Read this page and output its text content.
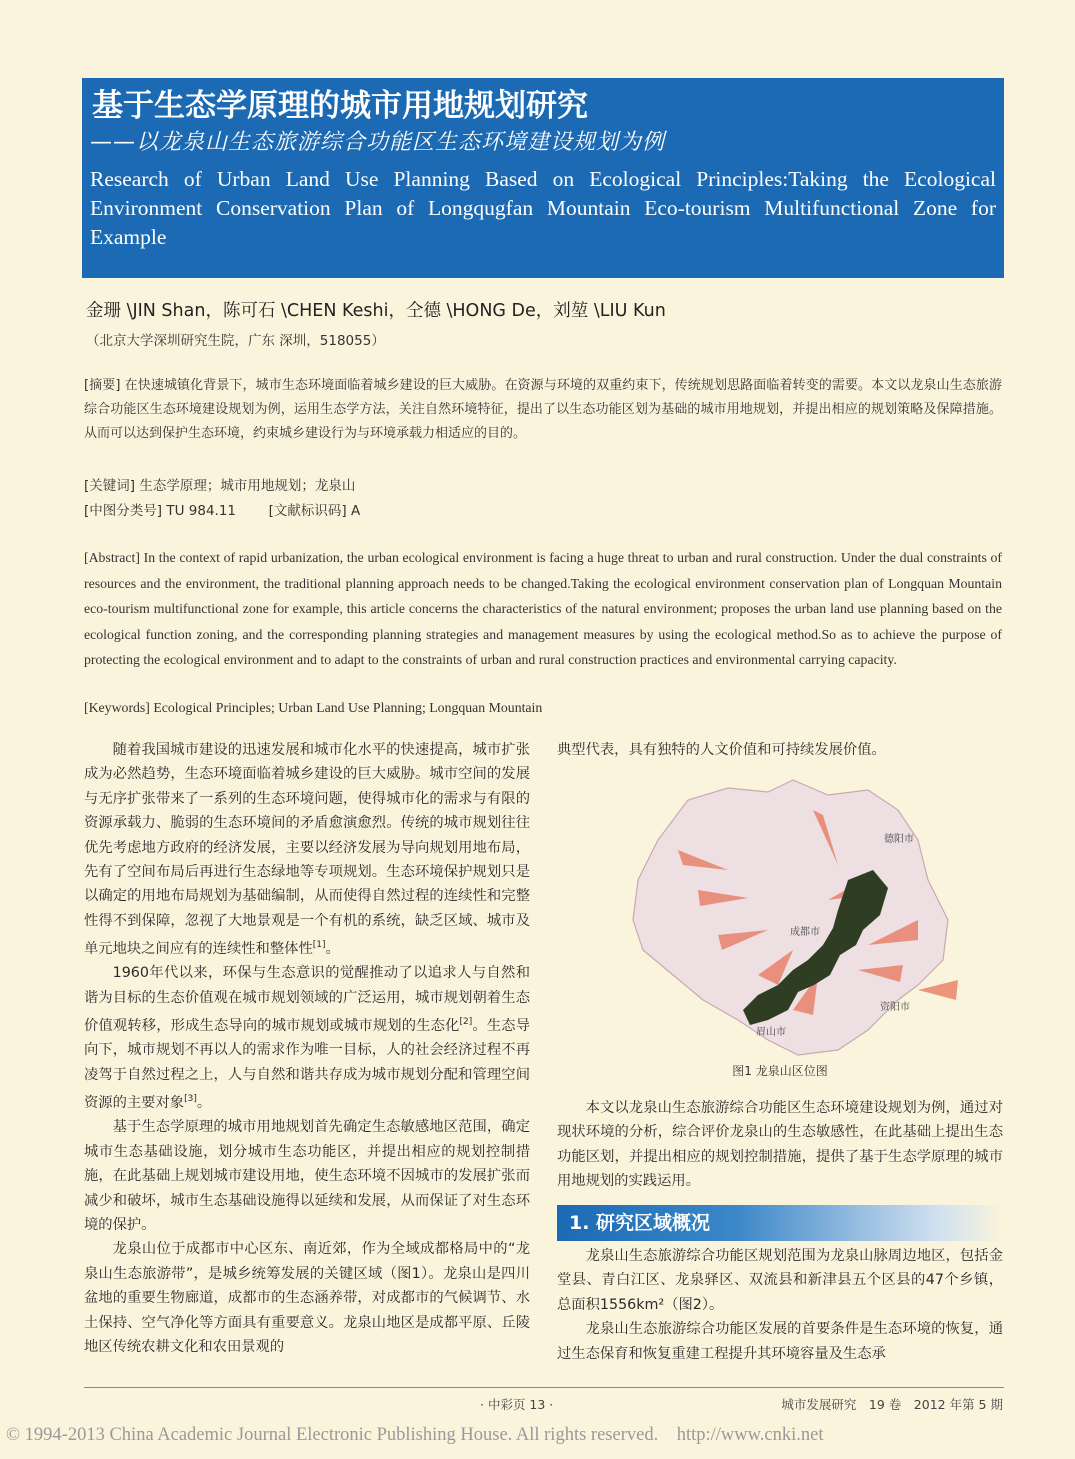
基于生态学原理的城市用地规划研究
——以龙泉山生态旅游综合功能区生态环境建设规划为例
Research of Urban Land Use Planning Based on Ecological Principles:Taking the Ecological Environment Conservation Plan of Longqugfan Mountain Eco-tourism Multifunctional Zone for Example
金珊 \JIN Shan，陈可石 \CHEN Keshi，仝德 \HONG De，刘堃 \LIU Kun
（北京大学深圳研究生院，广东 深圳，518055）
[摘要] 在快速城镇化背景下，城市生态环境面临着城乡建设的巨大威胁。在资源与环境的双重约束下，传统规划思路面临着转变的需要。本文以龙泉山生态旅游综合功能区生态环境建设规划为例，运用生态学方法，关注自然环境特征，提出了以生态功能区划为基础的城市用地规划，并提出相应的规划策略及保障措施。从而可以达到保护生态环境，约束城乡建设行为与环境承载力相适应的目的。
[关键词] 生态学原理；城市用地规划；龙泉山
[中图分类号] TU 984.11 [文献标识码] A
[Abstract] In the context of rapid urbanization, the urban ecological environment is facing a huge threat to urban and rural construction. Under the dual constraints of resources and the environment, the traditional planning approach needs to be changed.Taking the ecological environment conservation plan of Longquan Mountain eco-tourism multifunctional zone for example, this article concerns the characteristics of the natural environment; proposes the urban land use planning based on the ecological function zoning, and the corresponding planning strategies and management measures by using the ecological method.So as to achieve the purpose of protecting the ecological environment and to adapt to the constraints of urban and rural construction practices and environmental carrying capacity.
[Keywords] Ecological Principles; Urban Land Use Planning; Longquan Mountain

随着我国城市建设的迅速发展和城市化水平的快速提高，城市扩张成为必然趋势，生态环境面临着城乡建设的巨大威胁。城市空间的发展与无序扩张带来了一系列的生态环境问题，使得城市化的需求与有限的资源承载力、脆弱的生态环境间的矛盾愈演愈烈。传统的城市规划往往优先考虑地方政府的经济发展，主要以经济发展为导向规划用地布局，先有了空间布局后再进行生态绿地等专项规划。生态环境保护规划只是以确定的用地布局规划为基础编制，从而使得自然过程的连续性和完整性得不到保障，忽视了大地景观是一个有机的系统，缺乏区域、城市及单元地块之间应有的连续性和整体性[1]。

1960年代以来，环保与生态意识的觉醒推动了以追求人与自然和谐为目标的生态价值观在城市规划领域的广泛运用，城市规划朝着生态价值观转移，形成生态导向的城市规划或城市规划的生态化[2]。生态导向下，城市规划不再以人的需求作为唯一目标，人的社会经济过程不再凌驾于自然过程之上，人与自然和谐共存成为城市规划分配和管理空间资源的主要对象[3]。

基于生态学原理的城市用地规划首先确定生态敏感地区范围，确定城市生态基础设施，划分城市生态功能区，并提出相应的规划控制措施，在此基础上规划城市建设用地，使生态环境不因城市的发展扩张而减少和破坏，城市生态基础设施得以延续和发展，从而保证了对生态环境的保护。

龙泉山位于成都市中心区东、南近郊，作为全域成都格局中的“龙泉山生态旅游带”，是城乡统筹发展的关键区域（图1）。龙泉山是四川盆地的重要生物廊道，成都市的生态涵养带，对成都市的气候调节、水土保持、空气净化等方面具有重要意义。龙泉山地区是成都平原、丘陵地区传统农耕文化和农田景观的

典型代表，具有独特的人文价值和可持续发展价值。

德阳市
成都市
资阳市
眉山市
图1 龙泉山区位图

本文以龙泉山生态旅游综合功能区生态环境建设规划为例，通过对现状环境的分析，综合评价龙泉山的生态敏感性，在此基础上提出生态功能区划，并提出相应的规划控制措施，提供了基于生态学原理的城市用地规划的实践运用。

1. 研究区域概况

龙泉山生态旅游综合功能区规划范围为龙泉山脉周边地区，包括金堂县、青白江区、龙泉驿区、双流县和新津县五个区县的47个乡镇，总面积1556km²（图2）。

龙泉山生态旅游综合功能区发展的首要条件是生态环境的恢复，通过生态保育和恢复重建工程提升其环境容量及生态承

· 中彩页 13 ·	城市发展研究　19 卷　2012 年第 5 期
© 1994-2013 China Academic Journal Electronic Publishing House. All rights reserved.　http://www.cnki.net
